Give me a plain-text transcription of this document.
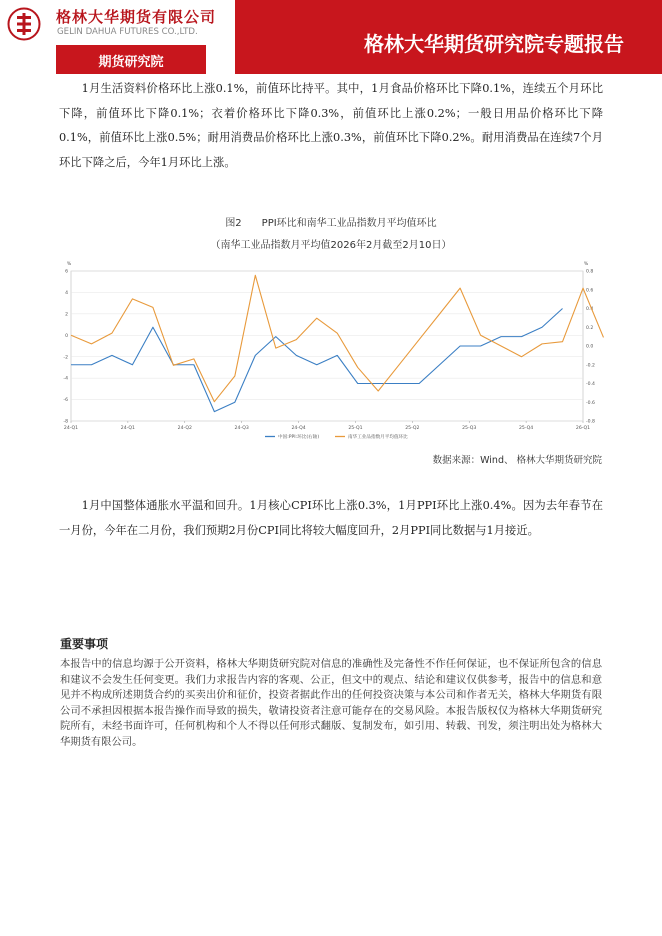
格林大华期货有限公司
GELIN DAHUA FUTURES CO.,LTD.
期货研究院
格林大华期货研究院专题报告
1月生活资料价格环比上涨0.1%，前值环比持平。其中，1月食品价格环比下降0.1%，连续五个月环比下降，前值环比下降0.1%；衣着价格环比下降0.3%，前值环比上涨0.2%；一般日用品价格环比下降0.1%，前值环比上涨0.5%；耐用消费品价格环比上涨0.3%，前值环比下降0.2%。耐用消费品在连续7个月环比下降之后，今年1月环比上涨。
图2　　PPI环比和南华工业品指数月平均值环比
（南华工业品指数月平均值2026年2月截至2月10日）
-8
-6
-4
-2
0
2
4
6
-0.8
-0.6
-0.4
-0.2
0.0
0.2
0.4
0.6
0.8
%	%
24-Q1	24-Q1	24-Q2	24-Q3	24-Q4	25-Q1	25-Q2	25-Q3	25-Q4	26-Q1
中国:PPI:环比(右轴)	南华工业品指数月平均值环比
数据来源：Wind、 格林大华期货研究院
1月中国整体通胀水平温和回升。1月核心CPI环比上涨0.3%，1月PPI环比上涨0.4%。因为去年春节在一月份，今年在二月份，我们预期2月份CPI同比将较大幅度回升，2月PPI同比数据与1月接近。
重要事项
本报告中的信息均源于公开资料，格林大华期货研究院对信息的准确性及完备性不作任何保证，也不保证所包含的信息和建议不会发生任何变更。我们力求报告内容的客观、公正，但文中的观点、结论和建议仅供参考，报告中的信息和意见并不构成所述期货合约的买卖出价和征价，投资者据此作出的任何投资决策与本公司和作者无关，格林大华期货有限公司不承担因根据本报告操作而导致的损失，敬请投资者注意可能存在的交易风险。本报告版权仅为格林大华期货研究院所有，未经书面许可，任何机构和个人不得以任何形式翻版、复制发布，如引用、转载、刊发，须注明出处为格林大华期货有限公司。
